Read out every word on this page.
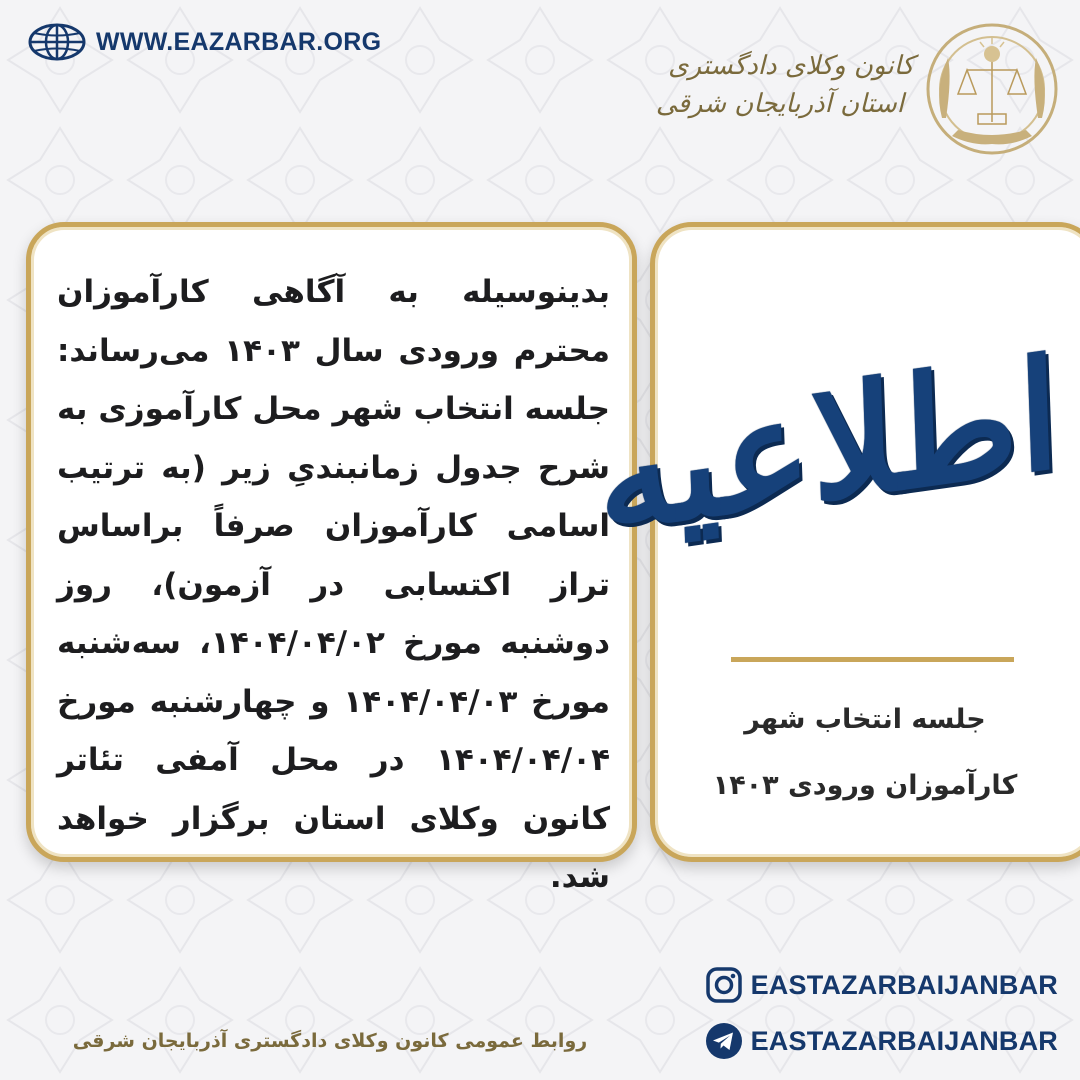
WWW.EAZARBAR.ORG
کانون وکلای دادگستری
استان آذربایجان شرقی
بدینوسیله به آگاهی کارآموزان محترم ورودی سال ۱۴۰۳ می‌رساند: جلسه انتخاب شهر محل کارآموزی به شرح جدول زمانبندیِ زیر (به ترتیب اسامی کارآموزان صرفاً براساس تراز اکتسابی در آزمون)، روز دوشنبه مورخ ۱۴۰۴/۰۴/۰۲، سه‌شنبه مورخ ۱۴۰۴/۰۴/۰۳ و چهارشنبه مورخ ۱۴۰۴/۰۴/۰۴ در محل آمفی تئاتر کانون وکلای استان برگزار خواهد شد.
اطلاعیه
جلسه انتخاب شهر
کارآموزان ورودی ۱۴۰۳
EASTAZARBAIJANBAR
EASTAZARBAIJANBAR
روابط عمومی کانون وکلای دادگستری آذربایجان شرقی
